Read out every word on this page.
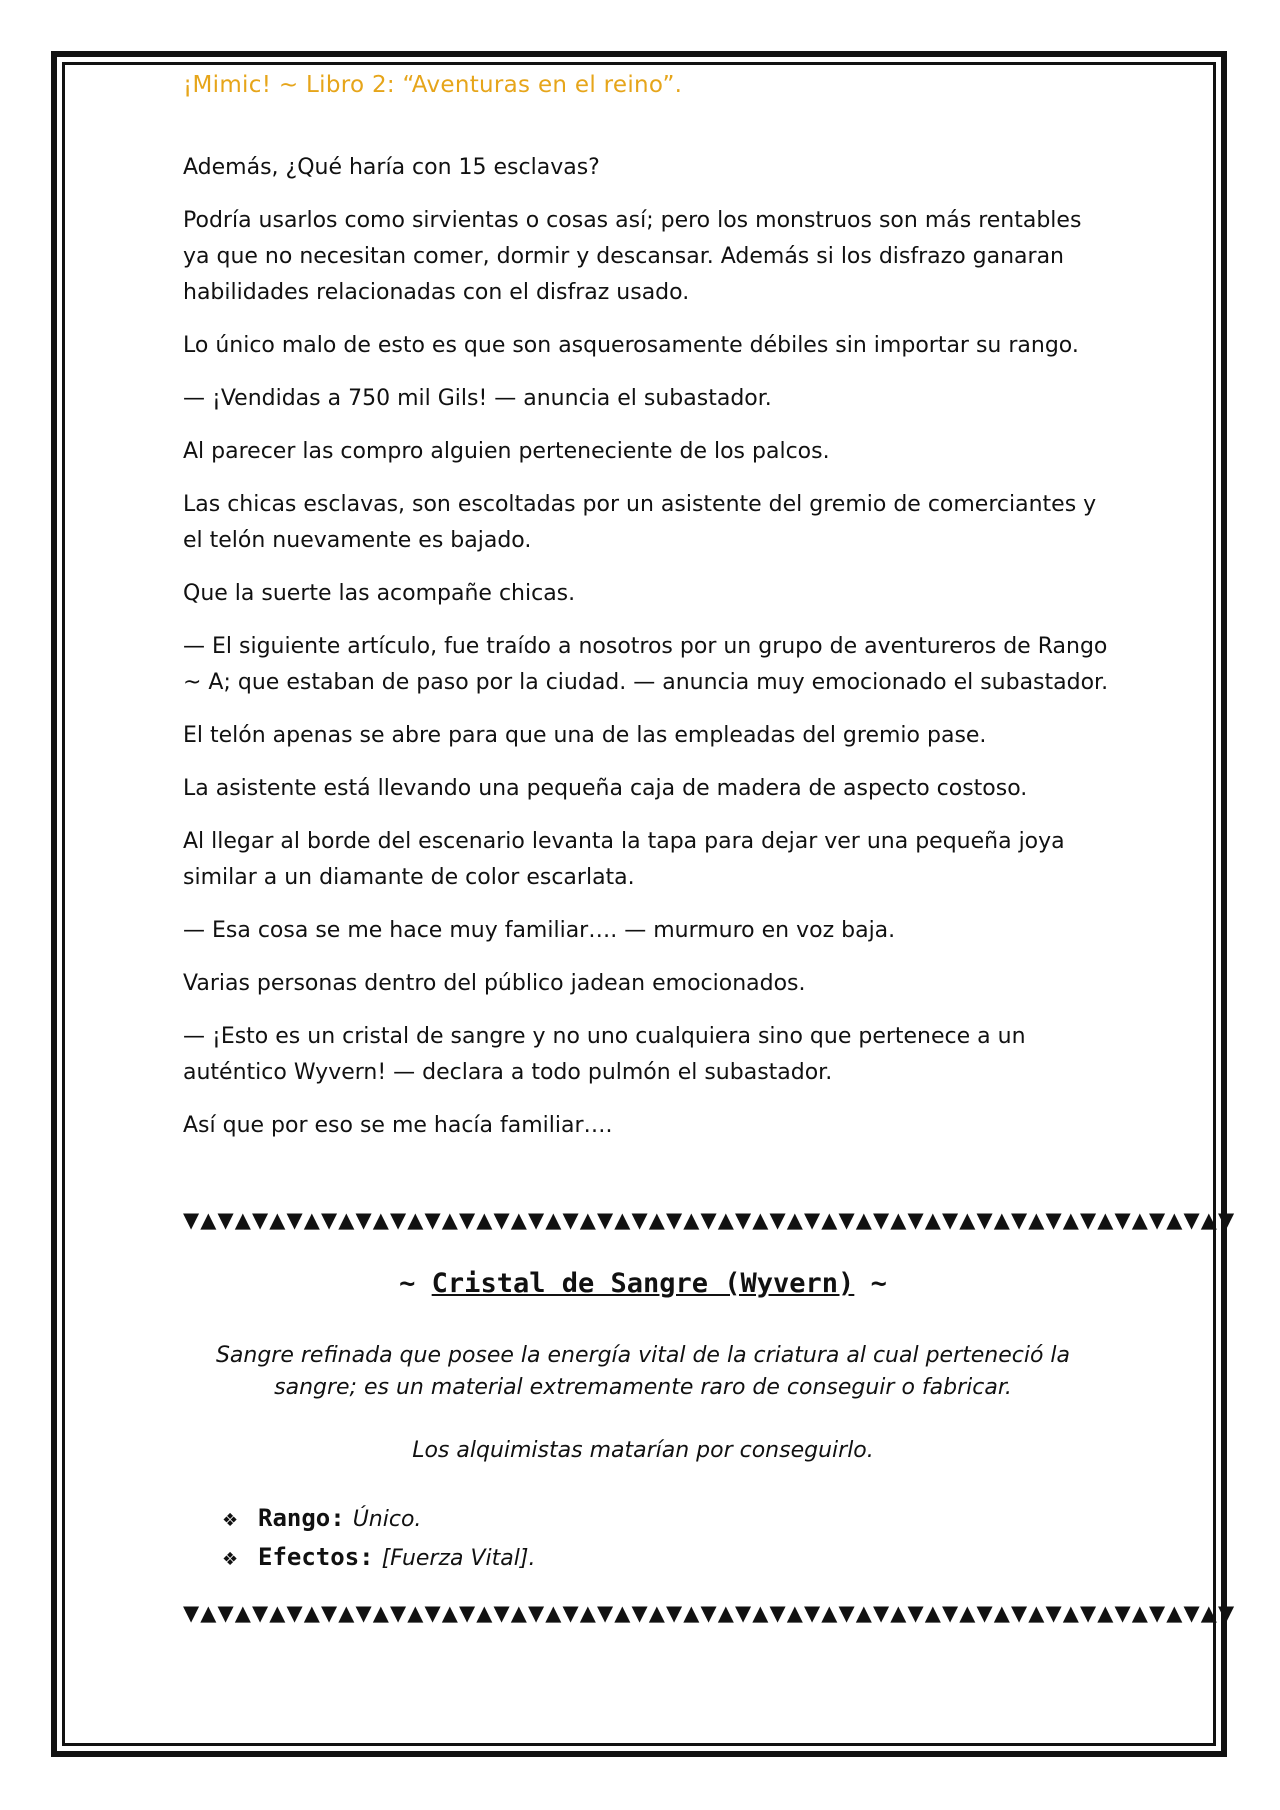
¡Mimic! ~ Libro 2: “Aventuras en el reino”.

Además, ¿Qué haría con 15 esclavas?

Podría usarlos como sirvientas o cosas así; pero los monstruos son más rentables ya que no necesitan comer, dormir y descansar. Además si los disfrazo ganaran habilidades relacionadas con el disfraz usado.

Lo único malo de esto es que son asquerosamente débiles sin importar su rango.

— ¡Vendidas a 750 mil Gils! — anuncia el subastador.

Al parecer las compro alguien perteneciente de los palcos.

Las chicas esclavas, son escoltadas por un asistente del gremio de comerciantes y el telón nuevamente es bajado.

Que la suerte las acompañe chicas.

— El siguiente artículo, fue traído a nosotros por un grupo de aventureros de Rango ~ A; que estaban de paso por la ciudad. — anuncia muy emocionado el subastador.

El telón apenas se abre para que una de las empleadas del gremio pase.

La asistente está llevando una pequeña caja de madera de aspecto costoso.

Al llegar al borde del escenario levanta la tapa para dejar ver una pequeña joya similar a un diamante de color escarlata.

— Esa cosa se me hace muy familiar…. — murmuro en voz baja.

Varias personas dentro del público jadean emocionados.

— ¡Esto es un cristal de sangre y no uno cualquiera sino que pertenece a un auténtico Wyvern! — declara a todo pulmón el subastador.

Así que por eso se me hacía familiar….

▼▲▼▲▼▲▼▲▼▲▼▲▼▲▼▲▼▲▼▲▼▲▼▲▼▲▼▲▼▲▼▲▼▲▼▲▼▲▼▲▼▲▼▲▼▲▼▲▼▲▼▲▼▲▼▲▼▲▼▲▼
~ Cristal de Sangre (Wyvern) ~
Sangre refinada que posee la energía vital de la criatura al cual perteneció la sangre; es un material extremamente raro de conseguir o fabricar.
Los alquimistas matarían por conseguirlo.
❖ Rango: Único.
❖ Efectos: [Fuerza Vital].
▼▲▼▲▼▲▼▲▼▲▼▲▼▲▼▲▼▲▼▲▼▲▼▲▼▲▼▲▼▲▼▲▼▲▼▲▼▲▼▲▼▲▼▲▼▲▼▲▼▲▼▲▼▲▼▲▼▲▼▲▼
